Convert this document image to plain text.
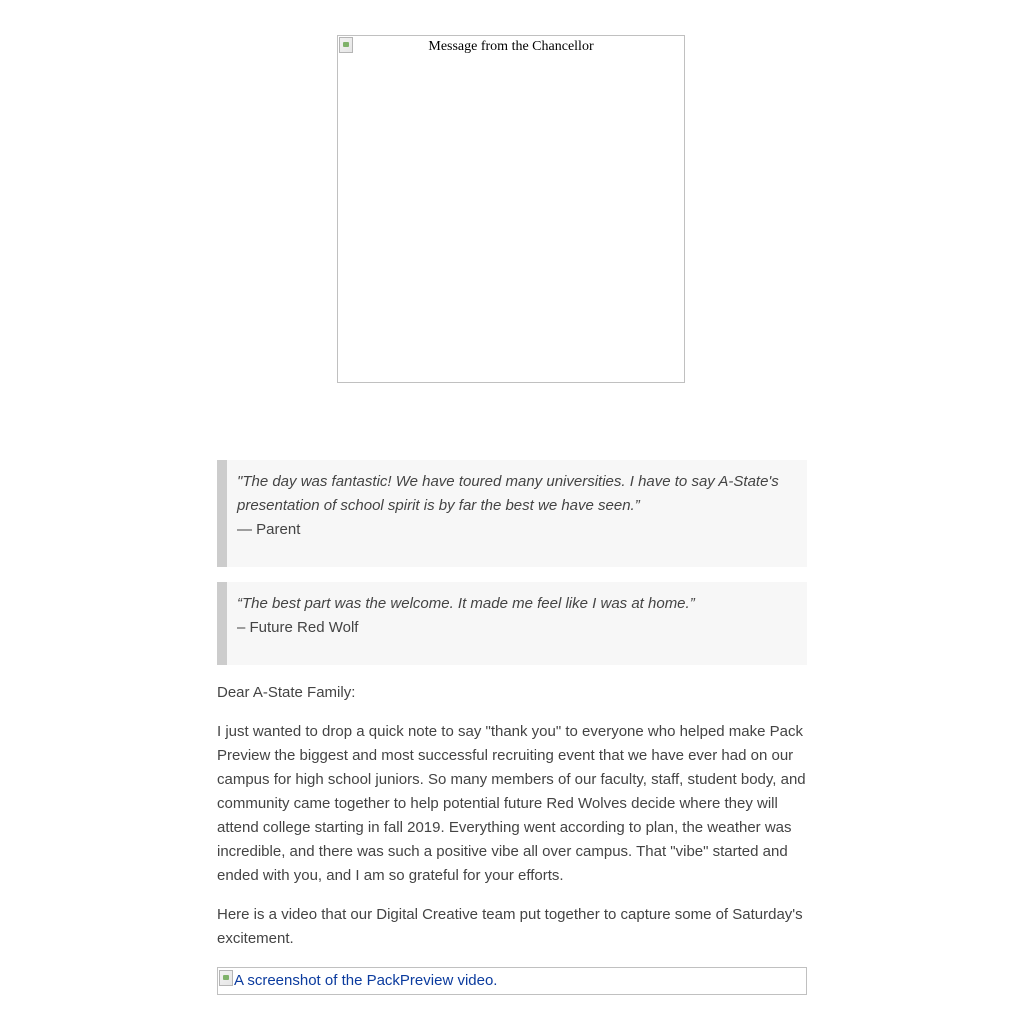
Message from the Chancellor
"The day was fantastic! We have toured many universities. I have to say A-State's presentation of school spirit is by far the best we have seen.”
— Parent
“The best part was the welcome. It made me feel like I was at home.”
– Future Red Wolf

Dear A-State Family:

I just wanted to drop a quick note to say "thank you" to everyone who helped make Pack Preview the biggest and most successful recruiting event that we have ever had on our campus for high school juniors. So many members of our faculty, staff, student body, and community came together to help potential future Red Wolves decide where they will attend college starting in fall 2019. Everything went according to plan, the weather was incredible, and there was such a positive vibe all over campus. That "vibe" started and ended with you, and I am so grateful for your efforts.

Here is a video that our Digital Creative team put together to capture some of Saturday's excitement.

A screenshot of the PackPreview video.
